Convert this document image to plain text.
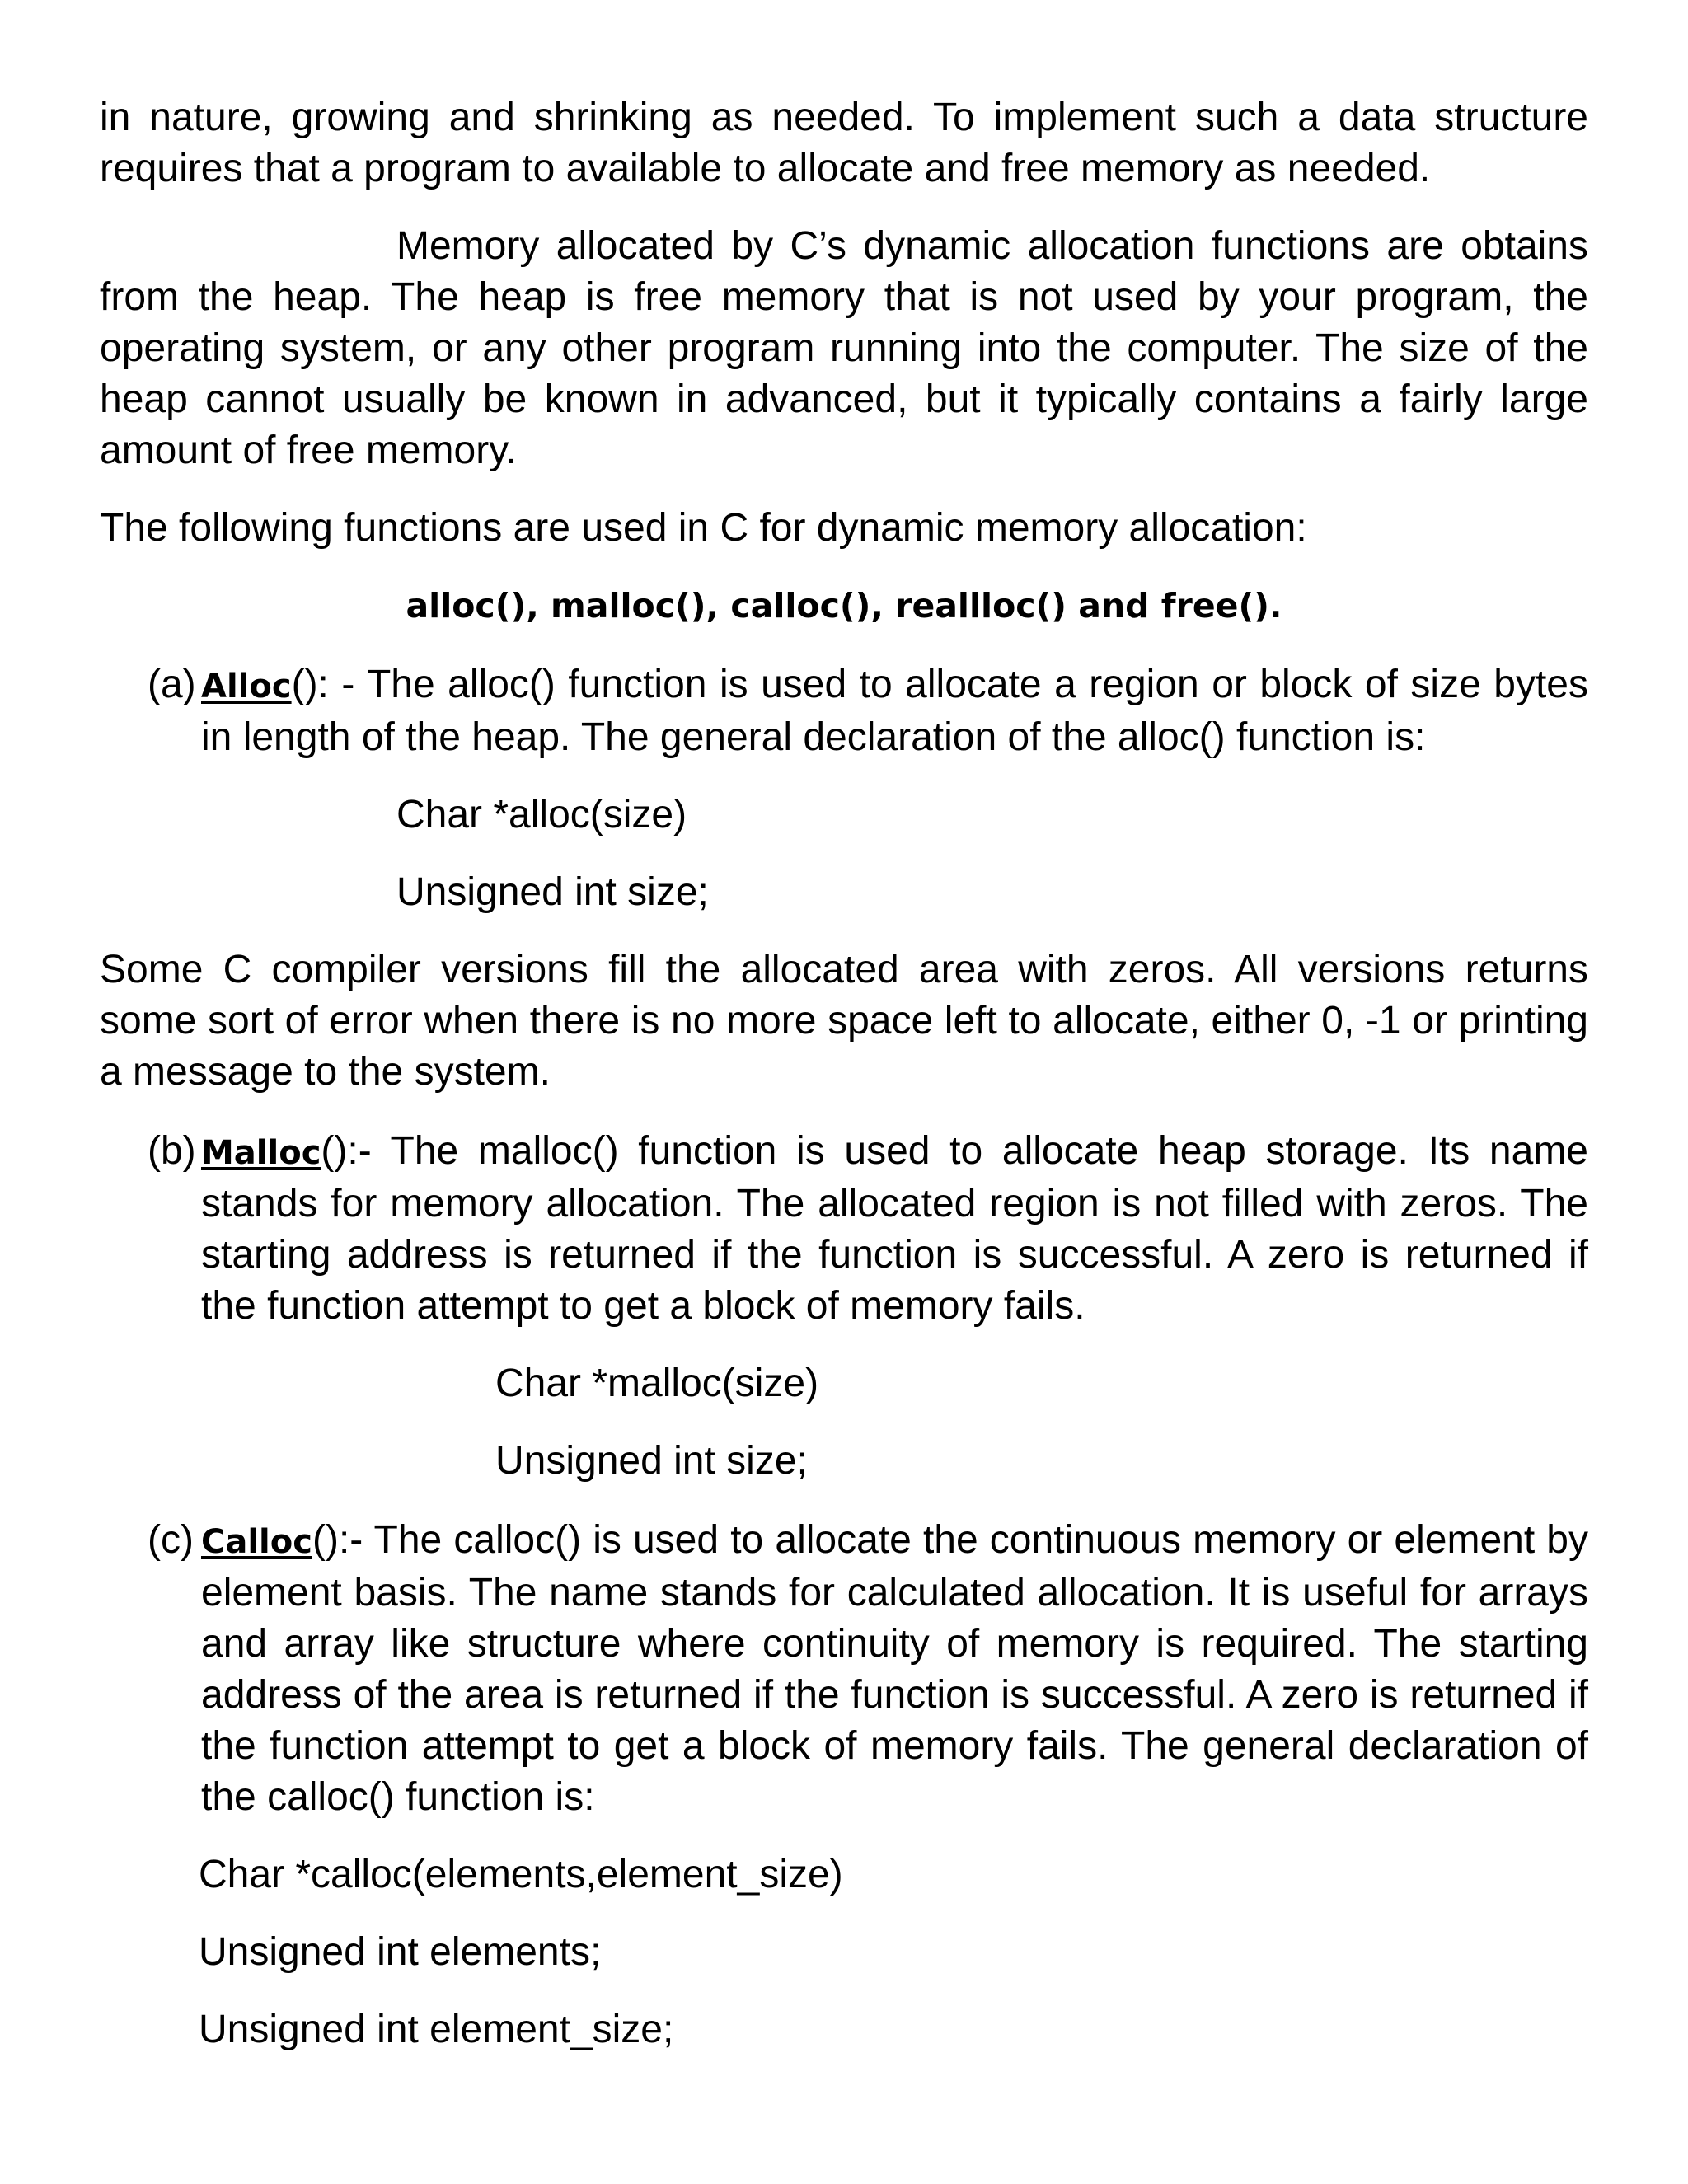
in nature, growing and shrinking as needed. To implement such a data structure requires that a program to available to allocate and free memory as needed.

Memory allocated by C’s dynamic allocation functions are obtains from the heap. The heap is free memory that is not used by your program, the operating system, or any other program running into the computer. The size of the heap cannot usually be known in advanced, but it typically contains a fairly large amount of free memory.

The following functions are used in C for dynamic memory allocation:

alloc(), malloc(), calloc(), reallloc() and free().

(a) Alloc(): - The alloc() function is used to allocate a region or block of size bytes in length of the heap. The general declaration of the alloc() function is:

Char *alloc(size)

Unsigned int size;

Some C compiler versions fill the allocated area with zeros. All versions returns some sort of error when there is no more space left to allocate, either 0, -1 or printing a message to the system.

(b) Malloc():- The malloc() function is used to allocate heap storage. Its name stands for memory allocation. The allocated region is not filled with zeros. The starting address is returned if the function is successful. A zero is returned if the function attempt to get a block of memory fails.

Char *malloc(size)

Unsigned int size;

(c) Calloc():- The calloc() is used to allocate the continuous memory or element by element basis. The name stands for calculated allocation. It is useful for arrays and array like structure where continuity of memory is required. The starting address of the area is returned if the function is successful. A zero is returned if the function attempt to get a block of memory fails. The general declaration of the calloc() function is:

Char *calloc(elements,element_size)

Unsigned int elements;

Unsigned int element_size;
